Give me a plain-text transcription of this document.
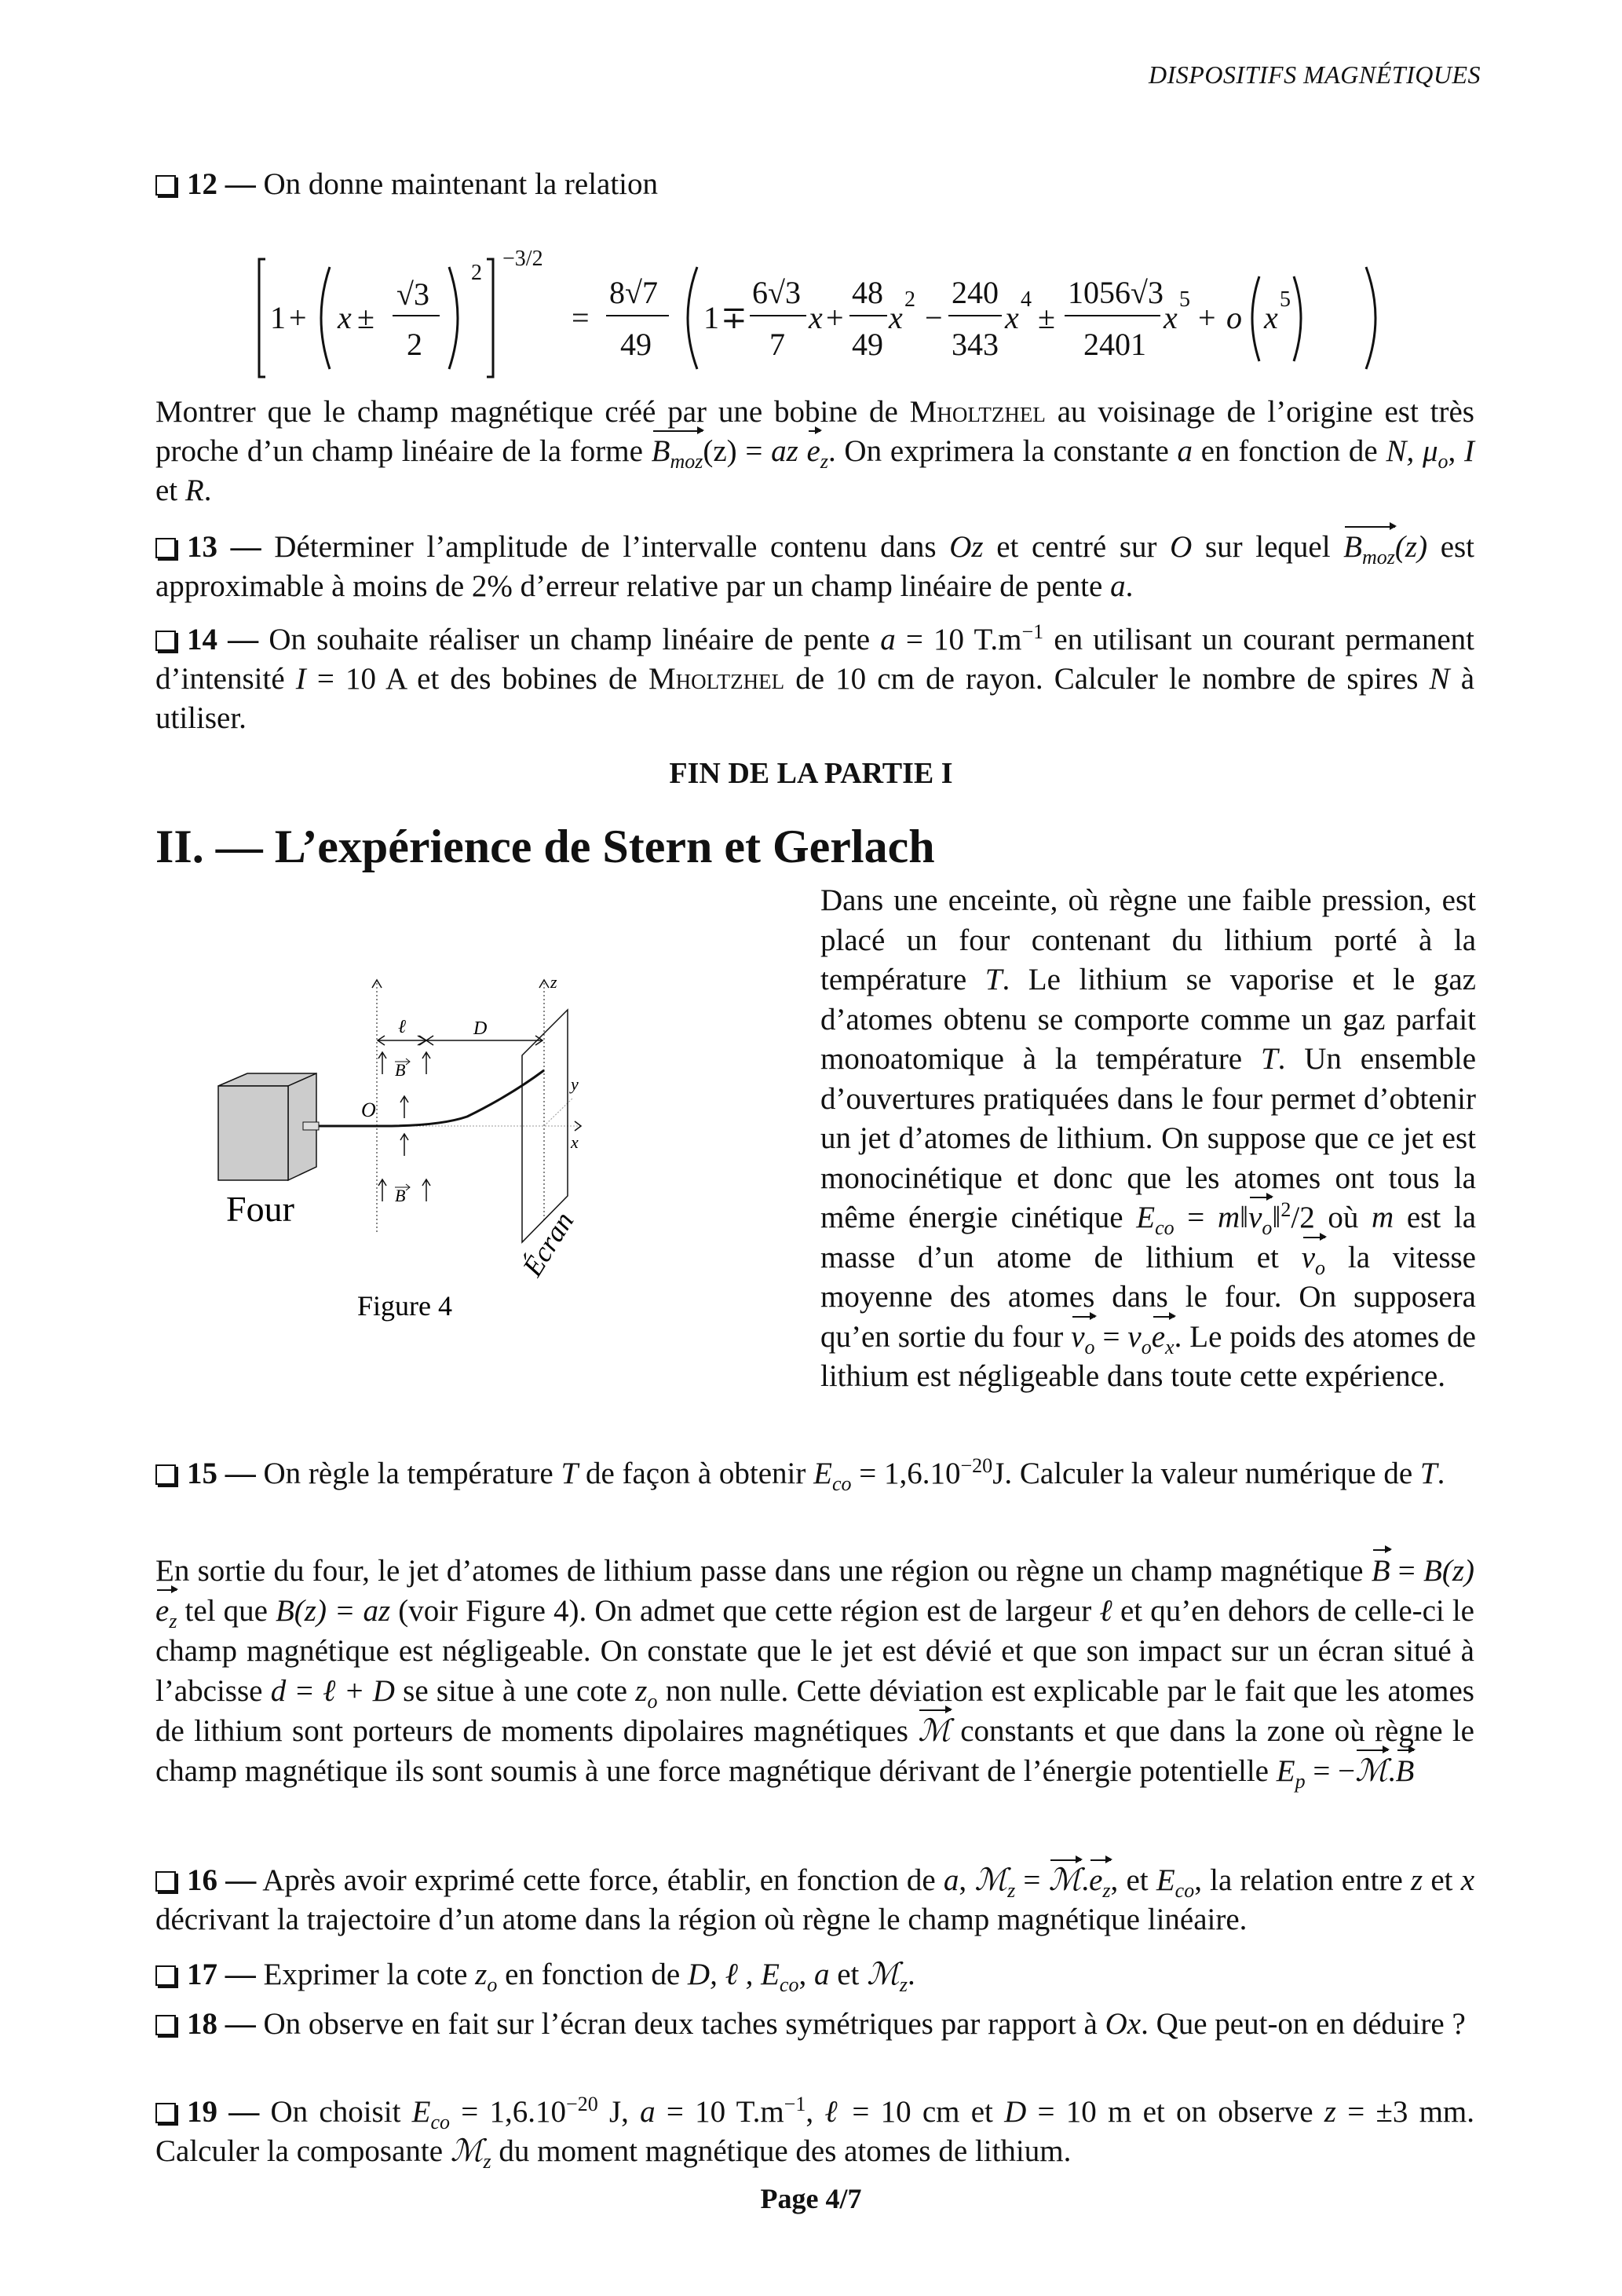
DISPOSITIFS MAGNÉTIQUES

12 — On donne maintenant la relation

1 + x ±
√3
2
2
−3/2
=
8√7
49
1 ∓
6√3
7
x +
48
49
x
2
−
240
343
x
4
±
1056√3
2401
x
5
+ o x
5

Montrer que le champ magnétique créé par une bobine de Mholtzhel au voisinage de l’origine est très proche d’un champ linéaire de la forme $B_{moz}(z)$ = az $e_z$. On exprimera la constante a en fonction de N, $\mu_o$, I et R.

13 — Déterminer l’amplitude de l’intervalle contenu dans Oz et centré sur O sur lequel $B_{moz}(z)$ est approximable à moins de 2% d’erreur relative par un champ linéaire de pente a.

14 — On souhaite réaliser un champ linéaire de pente a = 10 $T.m^{-1}$ en utilisant un courant permanent d’intensité I = 10 A et des bobines de Mholtzhel de 10 cm de rayon. Calculer le nombre de spires N à utiliser.

FIN DE LA PARTIE I
II. — L’expérience de Stern et Gerlach
Four
z
x
y
ℓ	D
B
B
O
Écran
Figure 4

Dans une enceinte, où règne une faible pression, est placé un four contenant du lithium porté à la température T. Le lithium se vaporise et le gaz d’atomes obtenu se comporte comme un gaz parfait monoatomique à la température T. Un ensemble d’ouvertures pratiquées dans le four permet d’obtenir un jet d’atomes de lithium. On suppose que ce jet est monocinétique et donc que les atomes ont tous la même énergie cinétique $E_{co}$ = $m‖v_o‖^2/2$ où m est la masse d’un atome de lithium et $v_o$ la vitesse moyenne des atomes dans le four. On supposera qu’en sortie du four $v_o = v_oe_x$. Le poids des atomes de lithium est négligeable dans toute cette expérience.

15 — On règle la température T de façon à obtenir $E_{co} = 1,6.10^{-20}J$. Calculer la valeur numérique de T.

En sortie du four, le jet d’atomes de lithium passe dans une région ou règne un champ magnétique B = B(z) $e_z$ tel que B(z) = az (voir Figure 4). On admet que cette région est de largeur ℓ et qu’en dehors de celle-ci le champ magnétique est négligeable. On constate que le jet est dévié et que son impact sur un écran situé à l’abcisse d = ℓ + D se situe à une cote $z_o$ non nulle. Cette déviation est explicable par le fait que les atomes de lithium sont porteurs de moments dipolaires magnétiques ℳ constants et que dans la zone où règne le champ magnétique ils sont soumis à une force magnétique dérivant de l’énergie potentielle $E_p$ = −ℳ.B

16 — Après avoir exprimé cette force, établir, en fonction de a, ℳ$_z$ = $ℳ.e_z$, et $E_{co}$, la relation entre z et x décrivant la trajectoire d’un atome dans la région où règne le champ magnétique linéaire.

17 — Exprimer la cote $z_o$ en fonction de D, ℓ , $E_{co}$, a et ℳ$_z$.

18 — On observe en fait sur l’écran deux taches symétriques par rapport à Ox. Que peut-on en déduire ?

19 — On choisit $E_{co} = 1,6.10^{-20}$ J, a = 10 $T.m^{-1}$, ℓ = 10 cm et D = 10 m et on observe z = ±3 mm. Calculer la composante ℳ$_z$ du moment magnétique des atomes de lithium.

Page 4/7
